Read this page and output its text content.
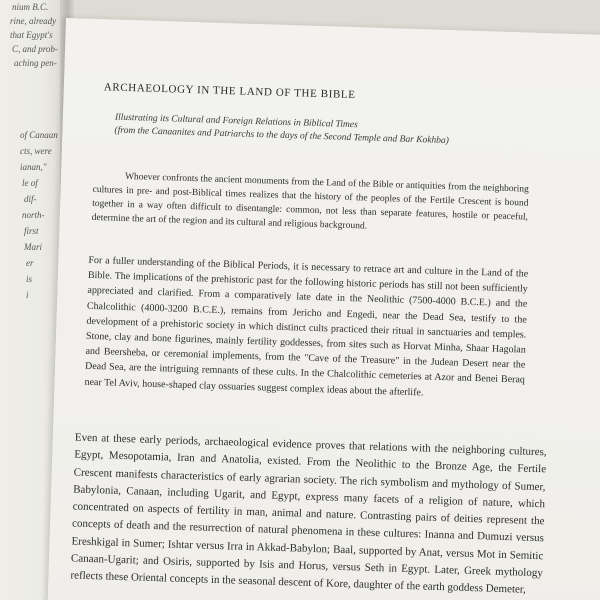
nium B.C.
rine, already
that Egypt's
C, and prob-
aching pen-
of Canaan
cts, were
ianan,"
le of
dif-
north-
first
Mari
er
is
i
ARCHAEOLOGY IN THE LAND OF THE BIBLE
Illustrating its Cultural and Foreign Relations in Biblical Times
(from the Canaanites and Patriarchs to the days of the Second Temple and Bar Kokhba)

Whoever confronts the ancient monuments from the Land of the Bible or antiquities from the neighboring cultures in pre- and post-Biblical times realizes that the history of the peoples of the Fertile Crescent is bound together in a way often difficult to disentangle: common, not less than separate features, hostile or peaceful, determine the art of the region and its cultural and religious background.

For a fuller understanding of the Biblical Periods, it is necessary to retrace art and culture in the Land of the Bible. The implications of the prehistoric past for the following historic periods has still not been sufficiently appreciated and clarified. From a comparatively late date in the Neolithic (7500-4000 B.C.E.) and the Chalcolithic (4000-3200 B.C.E.), remains from Jericho and Engedi, near the Dead Sea, testify to the development of a prehistoric society in which distinct cults practiced their ritual in sanctuaries and temples. Stone, clay and bone figurines, mainly fertility goddesses, from sites such as Horvat Minha, Shaar Hagolan and Beersheba, or ceremonial implements, from the "Cave of the Treasure" in the Judean Desert near the Dead Sea, are the intriguing remnants of these cults. In the Chalcolithic cemeteries at Azor and Benei Beraq near Tel Aviv, house-shaped clay ossuaries suggest complex ideas about the afterlife.

Even at these early periods, archaeological evidence proves that relations with the neighboring cultures, Egypt, Mesopotamia, Iran and Anatolia, existed. From the Neolithic to the Bronze Age, the Fertile Crescent manifests characteristics of early agrarian society. The rich symbolism and mythology of Sumer, Babylonia, Canaan, including Ugarit, and Egypt, express many facets of a religion of nature, which concentrated on aspects of fertility in man, animal and nature. Contrasting pairs of deities represent the concepts of death and the resurrection of natural phenomena in these cultures: Inanna and Dumuzi versus Ereshkigal in Sumer; Ishtar versus Irra in Akkad-Babylon; Baal, supported by Anat, versus Mot in Semitic Canaan-Ugarit; and Osiris, supported by Isis and Horus, versus Seth in Egypt. Later, Greek mythology reflects these Oriental concepts in the seasonal descent of Kore, daughter of the earth goddess Demeter,
